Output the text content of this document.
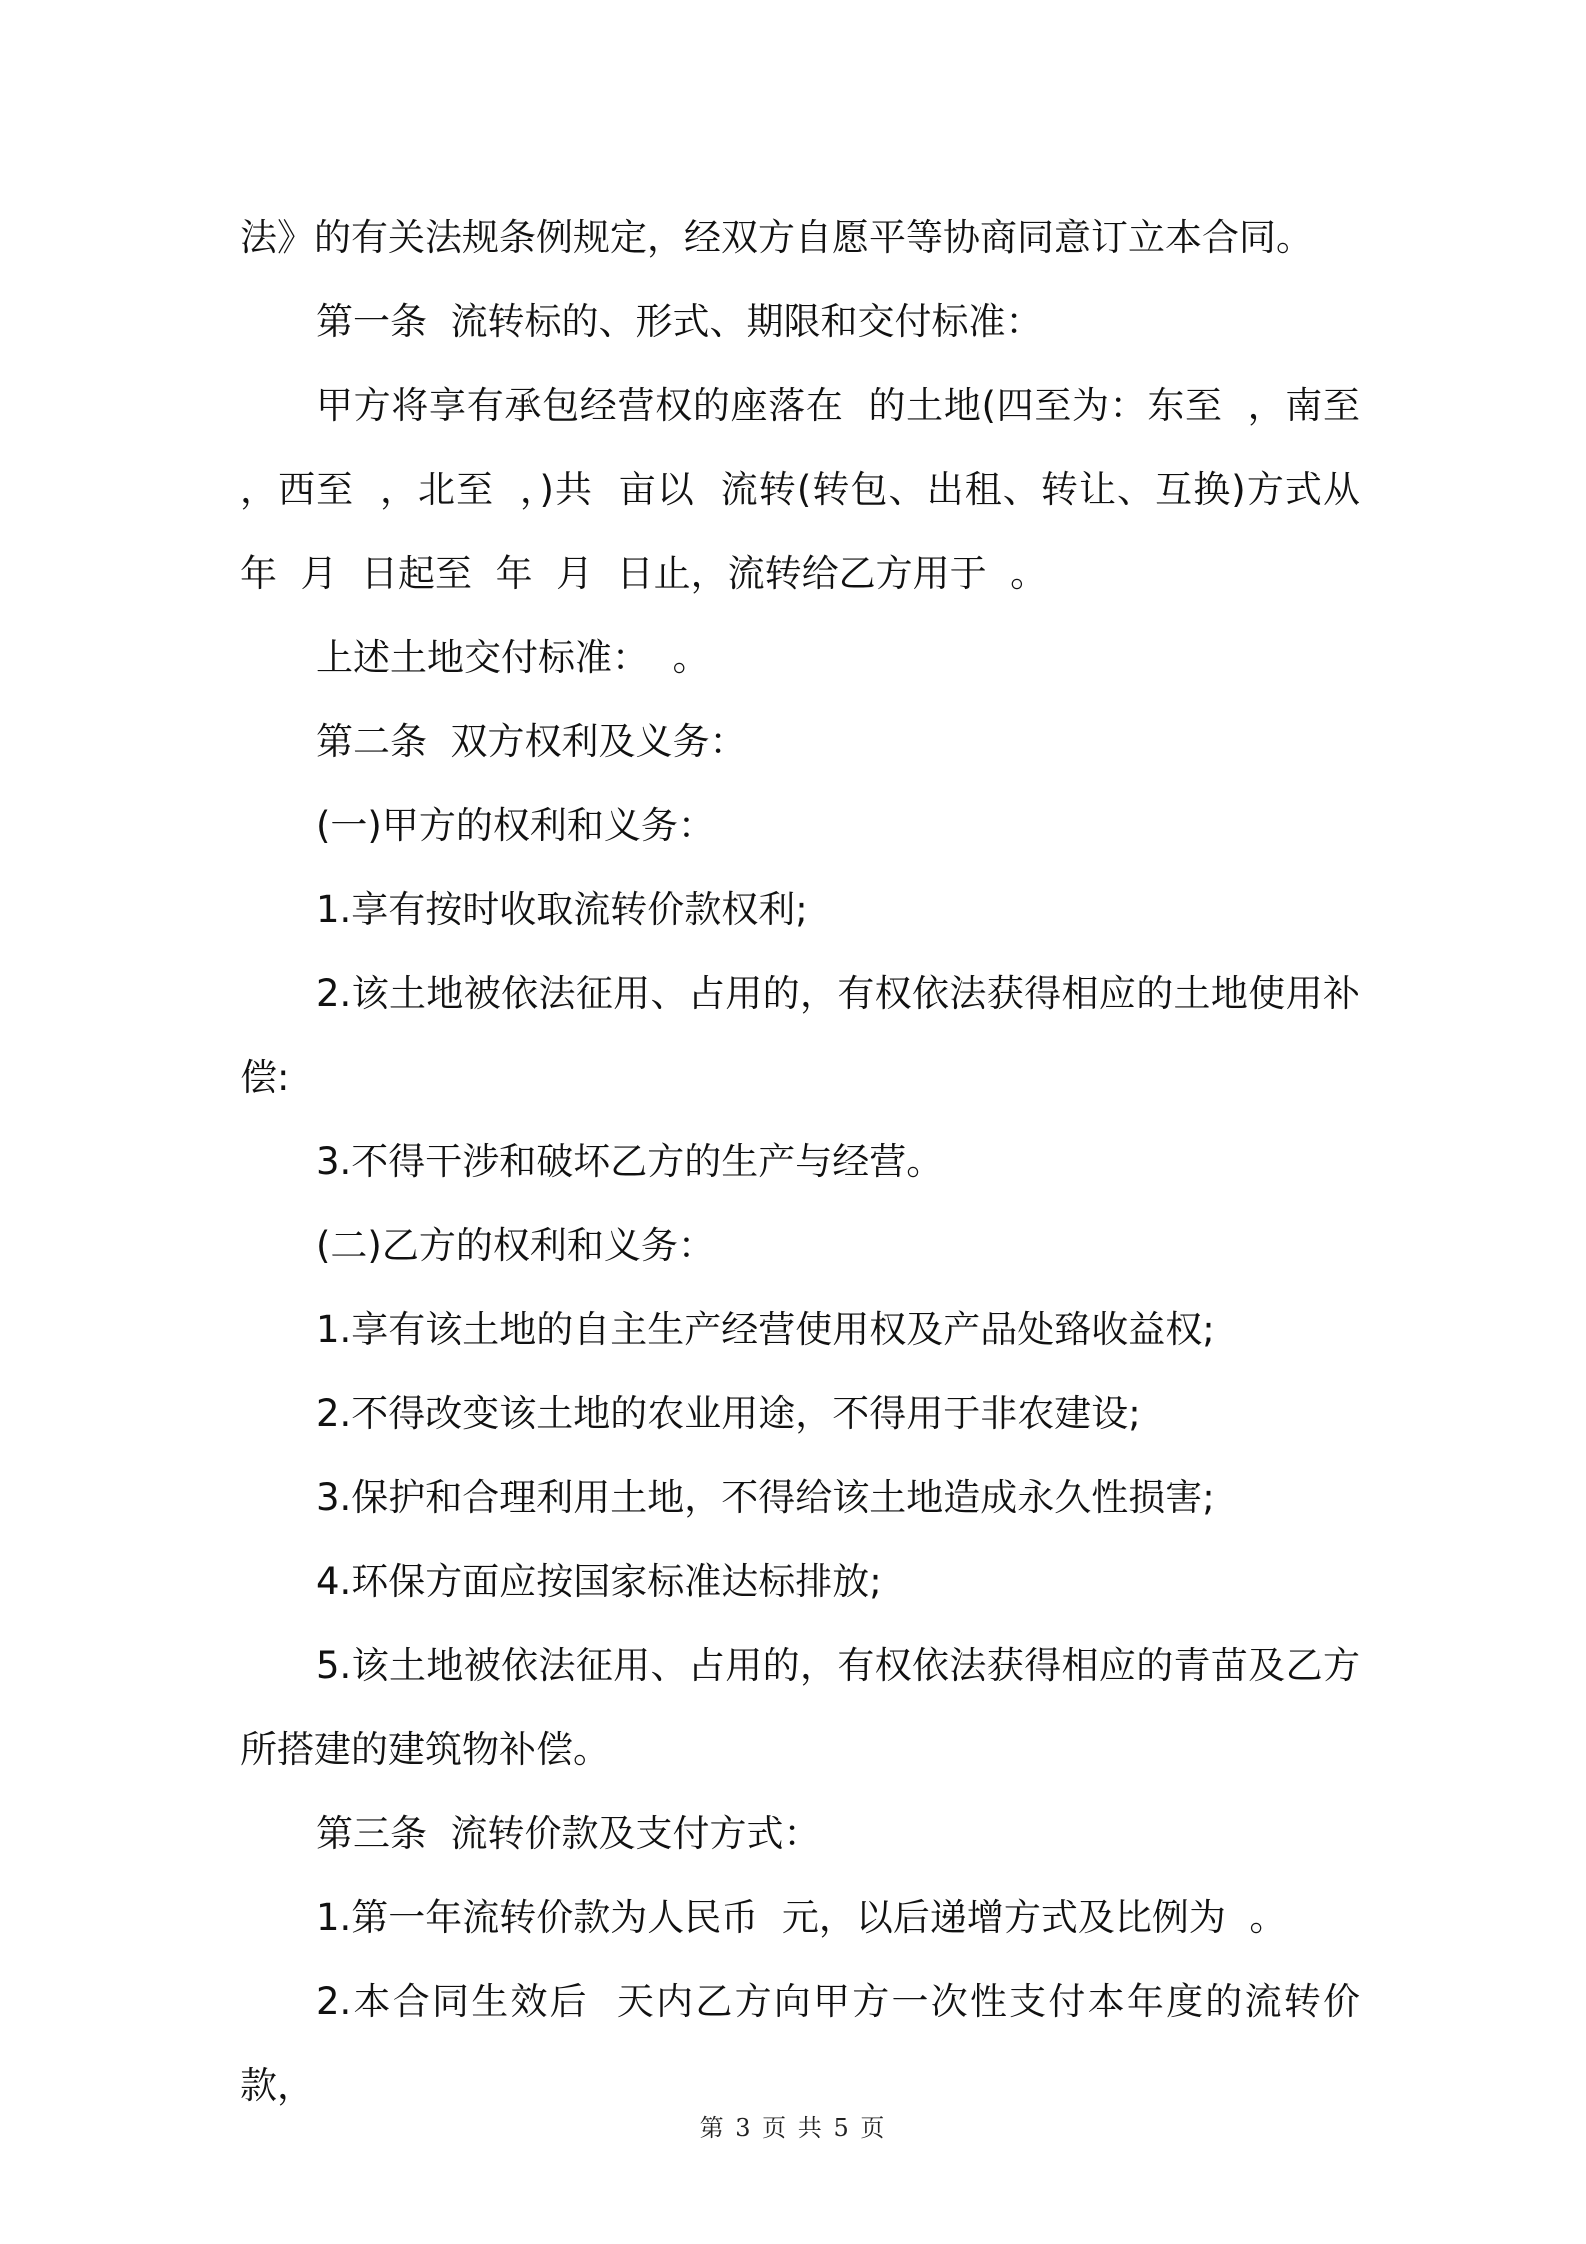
法》的有关法规条例规定，经双方自愿平等协商同意订立本合同。

第一条  流转标的、形式、期限和交付标准：

甲方将享有承包经营权的座落在  的土地(四至为：东至  ，南至  ，西至  ，北至  ，)共  亩以  流转(转包、出租、转让、互换)方式从  年  月  日起至  年  月  日止，流转给乙方用于  。

上述土地交付标准：  。

第二条  双方权利及义务：

(一)甲方的权利和义务：

1.享有按时收取流转价款权利;

2.该土地被依法征用、占用的，有权依法获得相应的土地使用补偿:

3.不得干涉和破坏乙方的生产与经营。

(二)乙方的权利和义务：

1.享有该土地的自主生产经营使用权及产品处臵收益权;

2.不得改变该土地的农业用途，不得用于非农建设;

3.保护和合理利用土地，不得给该土地造成永久性损害;

4.环保方面应按国家标准达标排放;

5.该土地被依法征用、占用的，有权依法获得相应的青苗及乙方所搭建的建筑物补偿。

第三条  流转价款及支付方式：

1.第一年流转价款为人民币  元，以后递增方式及比例为  。

2.本合同生效后  天内乙方向甲方一次性支付本年度的流转价款，

第 3 页 共 5 页
